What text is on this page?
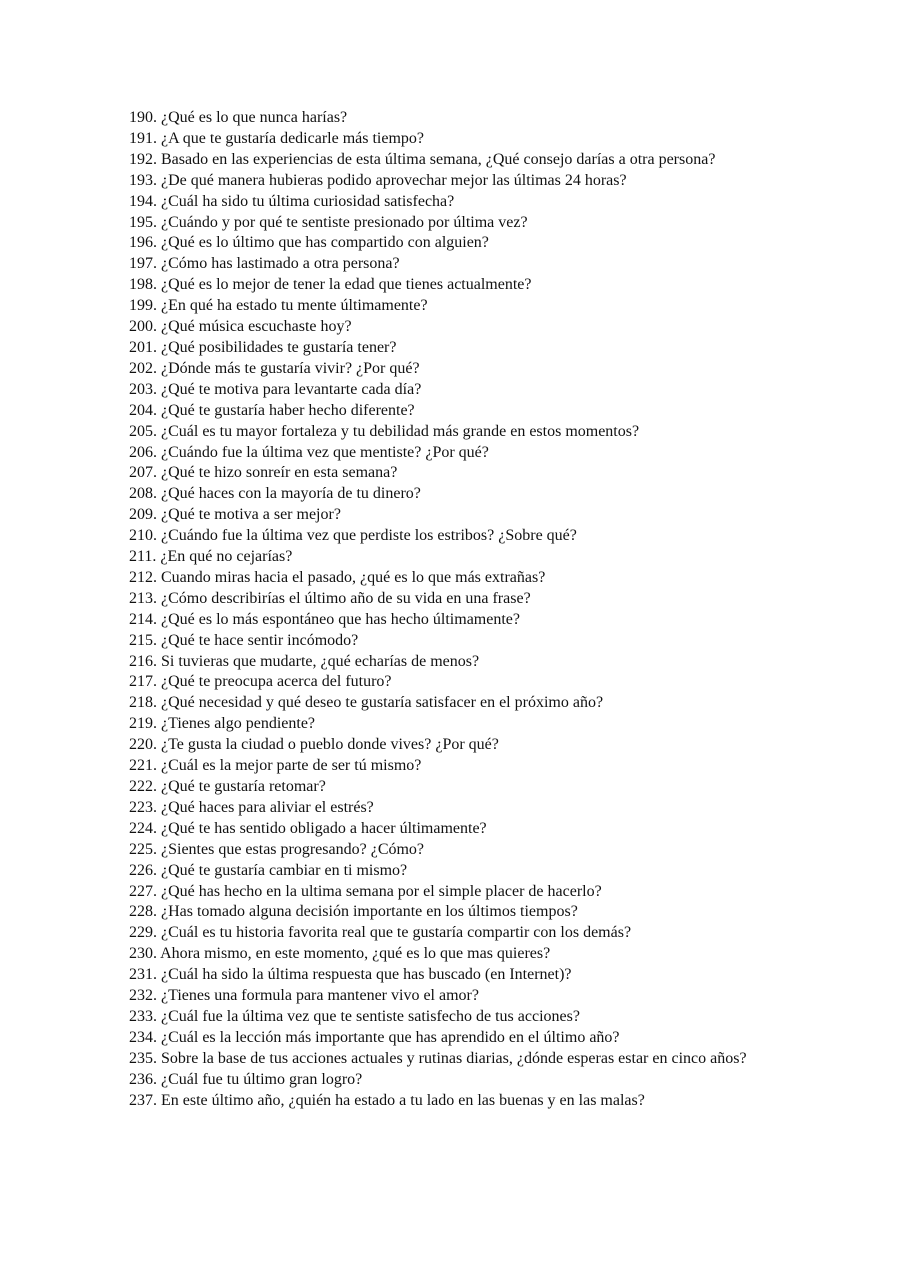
190. ¿Qué es lo que nunca harías?

191. ¿A que te gustaría dedicarle más tiempo?

192. Basado en las experiencias de esta última semana, ¿Qué consejo darías a otra persona?

193. ¿De qué manera hubieras podido aprovechar mejor las últimas 24 horas?

194. ¿Cuál ha sido tu última curiosidad satisfecha?

195. ¿Cuándo y por qué te sentiste presionado por última vez?

196. ¿Qué es lo último que has compartido con alguien?

197. ¿Cómo has lastimado a otra persona?

198. ¿Qué es lo mejor de tener la edad que tienes actualmente?

199. ¿En qué ha estado tu mente últimamente?

200. ¿Qué música escuchaste hoy?

201. ¿Qué posibilidades te gustaría tener?

202. ¿Dónde más te gustaría vivir? ¿Por qué?

203. ¿Qué te motiva para levantarte cada día?

204. ¿Qué te gustaría haber hecho diferente?

205. ¿Cuál es tu mayor fortaleza y tu debilidad más grande en estos momentos?

206. ¿Cuándo fue la última vez que mentiste? ¿Por qué?

207. ¿Qué te hizo sonreír en esta semana?

208. ¿Qué haces con la mayoría de tu dinero?

209. ¿Qué te motiva a ser mejor?

210. ¿Cuándo fue la última vez que perdiste los estribos? ¿Sobre qué?

211. ¿En qué no cejarías?

212. Cuando miras hacia el pasado, ¿qué es lo que más extrañas?

213. ¿Cómo describirías el último año de su vida en una frase?

214. ¿Qué es lo más espontáneo que has hecho últimamente?

215. ¿Qué te hace sentir incómodo?

216. Si tuvieras que mudarte, ¿qué echarías de menos?

217. ¿Qué te preocupa acerca del futuro?

218. ¿Qué necesidad y qué deseo te gustaría satisfacer en el próximo año?

219. ¿Tienes algo pendiente?

220. ¿Te gusta la ciudad o pueblo donde vives? ¿Por qué?

221. ¿Cuál es la mejor parte de ser tú mismo?

222. ¿Qué te gustaría retomar?

223. ¿Qué haces para aliviar el estrés?

224. ¿Qué te has sentido obligado a hacer últimamente?

225. ¿Sientes que estas progresando? ¿Cómo?

226. ¿Qué te gustaría cambiar en ti mismo?

227. ¿Qué has hecho en la ultima semana por el simple placer de hacerlo?

228. ¿Has tomado alguna decisión importante en los últimos tiempos?

229. ¿Cuál es tu historia favorita real que te gustaría compartir con los demás?

230. Ahora mismo, en este momento, ¿qué es lo que mas quieres?

231. ¿Cuál ha sido la última respuesta que has buscado (en Internet)?

232. ¿Tienes una formula para mantener vivo el amor?

233. ¿Cuál fue la última vez que te sentiste satisfecho de tus acciones?

234. ¿Cuál es la lección más importante que has aprendido en el último año?

235. Sobre la base de tus acciones actuales y rutinas diarias, ¿dónde esperas estar en cinco años?

236. ¿Cuál fue tu último gran logro?

237. En este último año, ¿quién ha estado a tu lado en las buenas y en las malas?
